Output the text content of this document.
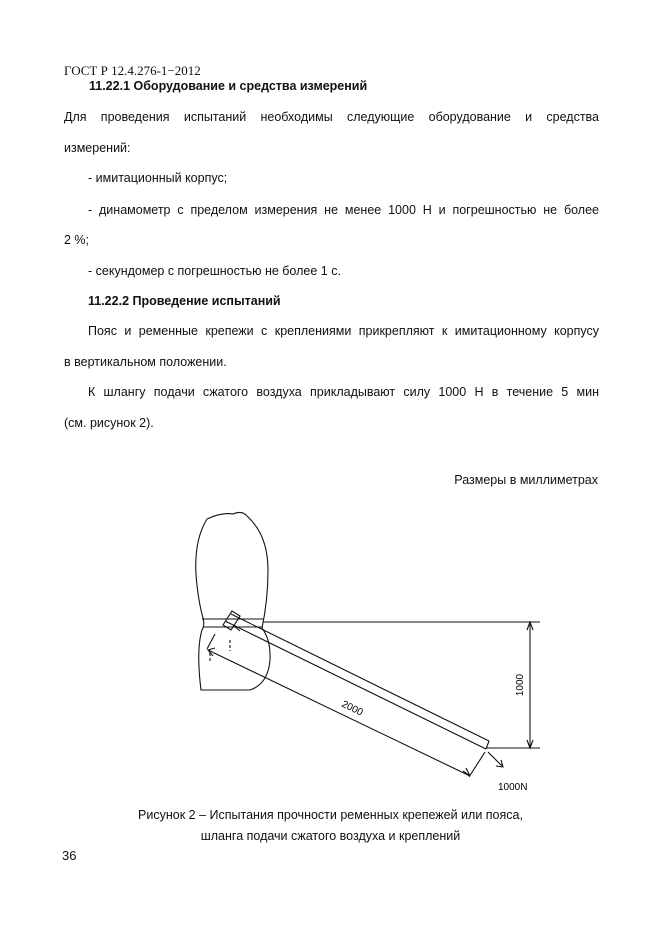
ГОСТ Р 12.4.276-1−2012
11.22.1 Оборудование и средства измерений
Для проведения испытаний необходимы следующие оборудование и средства
измерений:
- имитационный корпус;
- динамометр с пределом измерения не менее 1000 Н и погрешностью не более
2 %;
- секундомер с погрешностью не более 1 с.
11.22.2 Проведение испытаний
Пояс и ременные крепежи с креплениями прикрепляют к имитационному корпусу
в вертикальном положении.
К шлангу подачи сжатого воздуха прикладывают силу 1000 Н в течение 5 мин
(см. рисунок 2).
Размеры в миллиметрах
2000
1000
1000N
Рисунок 2 – Испытания прочности ременных крепежей или пояса,
шланга подачи сжатого воздуха и креплений
36
